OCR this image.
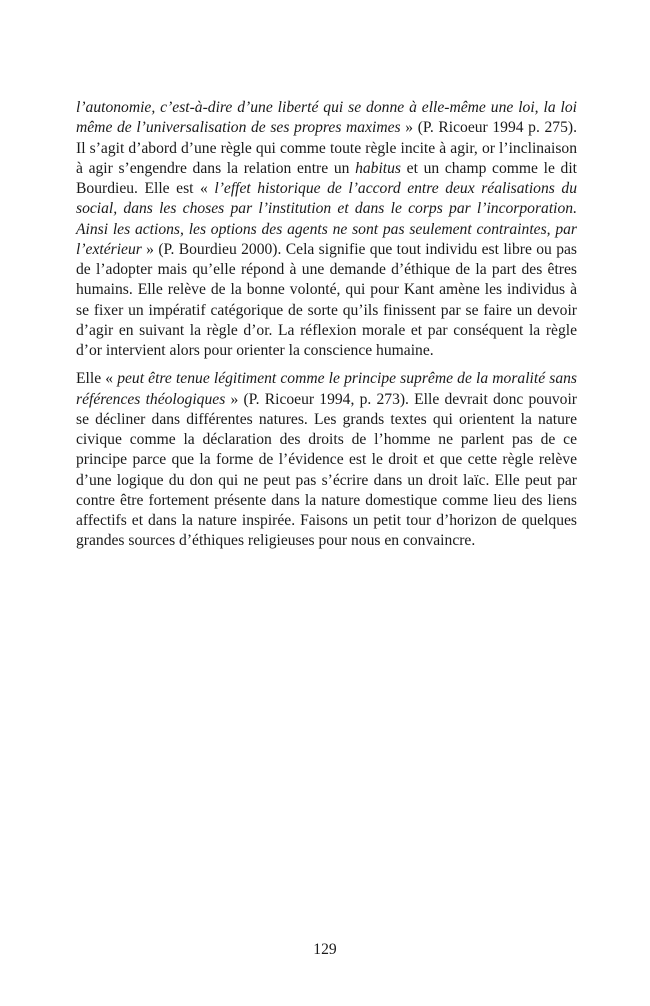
l’autonomie, c’est-à-dire d’une liberté qui se donne à elle-même une loi, la loi même de l’universalisation de ses propres maximes » (P. Ricoeur 1994 p. 275). Il s’agit d’abord d’une règle qui comme toute règle incite à agir, or l’inclinaison à agir s’engendre dans la relation entre un habitus et un champ comme le dit Bourdieu. Elle est « l’effet historique de l’accord entre deux réalisations du social, dans les choses par l’institution et dans le corps par l’incorporation. Ainsi les actions, les options des agents ne sont pas seulement contraintes, par l’extérieur » (P. Bourdieu 2000). Cela signifie que tout individu est libre ou pas de l’adopter mais qu’elle répond à une demande d’éthique de la part des êtres humains. Elle relève de la bonne volonté, qui pour Kant amène les individus à se fixer un impératif catégorique de sorte qu’ils finissent par se faire un devoir d’agir en suivant la règle d’or. La réflexion morale et par conséquent la règle d’or intervient alors pour orienter la conscience humaine.

Elle « peut être tenue légitiment comme le principe suprême de la moralité sans références théologiques » (P. Ricoeur 1994, p. 273). Elle devrait donc pouvoir se décliner dans différentes natures. Les grands textes qui orientent la nature civique comme la déclaration des droits de l’homme ne parlent pas de ce principe parce que la forme de l’évidence est le droit et que cette règle relève d’une logique du don qui ne peut pas s’écrire dans un droit laïc. Elle peut par contre être fortement présente dans la nature domestique comme lieu des liens affectifs et dans la nature inspirée. Faisons un petit tour d’horizon de quelques grandes sources d’éthiques religieuses pour nous en convaincre.

129
